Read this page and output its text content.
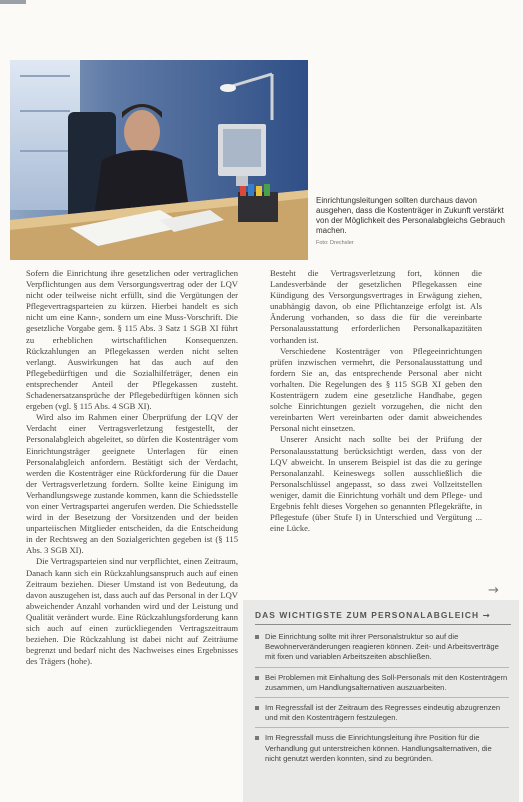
Einrichtungsleitungen sollten durchaus davon ausgehen, dass die Kostenträger in Zukunft verstärkt von der Möglichkeit des Personalabgleichs Gebrauch machen.
Foto: Drechsler

Sofern die Einrichtung ihre gesetzlichen oder vertraglichen Verpflichtungen aus dem Versorgungsvertrag oder der LQV nicht oder teilweise nicht erfüllt, sind die Vergütungen der Pflegevertragsparteien zu kürzen. Hierbei handelt es sich nicht um eine Kann-, sondern um eine Muss-Vorschrift. Die gesetzliche Vorgabe gem. § 115 Abs. 3 Satz 1 SGB XI führt zu erheblichen wirtschaftlichen Konsequenzen. Rückzahlungen an Pflegekassen werden nicht selten verlangt. Auswirkungen hat das auch auf den Pflegebedürftigen und die Sozialhilfeträger, denen ein entsprechender Anteil der Pflegekassen zusteht. Schadenersatzansprüche der Pflegebedürftigen können sich ergeben (vgl. § 115 Abs. 4 SGB XI).

Wird also im Rahmen einer Überprüfung der LQV der Verdacht einer Vertragsverletzung festgestellt, der Personalabgleich abgeleitet, so dürfen die Kostenträger vom Einrichtungsträger geeignete Unterlagen für einen Personalabgleich anfordern. Bestätigt sich der Verdacht, werden die Kostenträger eine Rückforderung für die Dauer der Vertragsverletzung fordern. Sollte keine Einigung im Verhandlungswege zustande kommen, kann die Schiedsstelle von einer Vertragspartei angerufen werden. Die Schiedsstelle wird in der Besetzung der Vorsitzenden und der beiden unparteiischen Mitglieder entscheiden, da die Entscheidung in der Rechtsweg an den Sozialgerichten gegeben ist (§ 115 Abs. 3 SGB XI).

Die Vertragsparteien sind nur verpflichtet, einen Zeitraum, Danach kann sich ein Rückzahlungsanspruch auch auf einen Zeitraum beziehen. Dieser Umstand ist von Bedeutung, da davon auszugehen ist, dass auch auf das Personal in der LQV abweichender Anzahl vorhanden wird und der Leistung und Qualität verändert wurde. Eine Rückzahlungsforderung kann sich auch auf einen zurückliegenden Vertragszeitraum beziehen. Die Rückzahlung ist dabei nicht auf Zeiträume begrenzt und bedarf nicht des Nachweises eines Ergebnisses des Trägers (hohe).

Besteht die Vertragsverletzung fort, können die Landesverbände der gesetzlichen Pflegekassen eine Kündigung des Versorgungsvertrages in Erwägung ziehen, unabhängig davon, ob eine Pflichtanzeige erfolgt ist. Als Änderung vorhanden, so dass die für die vereinbarte Personalausstattung erforderlichen Personalkapazitäten vorhanden ist.

Verschiedene Kostenträger von Pflegeeinrichtungen prüfen inzwischen vermehrt, die Personalausstattung und fordern Sie an, das entsprechende Personal aber nicht vorhalten. Die Regelungen des § 115 SGB XI geben den Kostenträgern zudem eine gesetzliche Handhabe, gegen solche Einrichtungen gezielt vorzugehen, die nicht den vereinbarten Wert vereinbarten oder damit abweichendes Personal nicht einsetzen.

Unserer Ansicht nach sollte bei der Prüfung der Personalausstattung berücksichtigt werden, dass von der LQV abweicht. In unserem Beispiel ist das die zu geringe Personalanzahl. Keineswegs sollen ausschließlich die Personalschlüssel angepasst, so dass zwei Vollzeitstellen weniger, damit die Einrichtung vorhält und dem Pflege- und Ergebnis fehlt dieses Vorgehen so genannten Pflegekräfte, in Pflegestufe (über Stufe I) in Unterschied und Vergütung ... eine Lücke.

→
DAS WICHTIGSTE ZUM PERSONALABGLEICH →
Die Einrichtung sollte mit ihrer Personalstruktur so auf die Bewohnerveränderungen reagieren können. Zeit- und Arbeitsverträge mit fixen und variablen Arbeitszeiten abschließen.
Bei Problemen mit Einhaltung des Soll-Personals mit den Kostenträgern zusammen, um Handlungsalternativen auszuarbeiten.
Im Regressfall ist der Zeitraum des Regresses eindeutig abzugrenzen und mit den Kostenträgern festzulegen.
Im Regressfall muss die Einrichtungsleitung ihre Position für die Verhandlung gut unterstreichen können. Handlungsalternativen, die nicht genutzt werden konnten, sind zu begründen.
